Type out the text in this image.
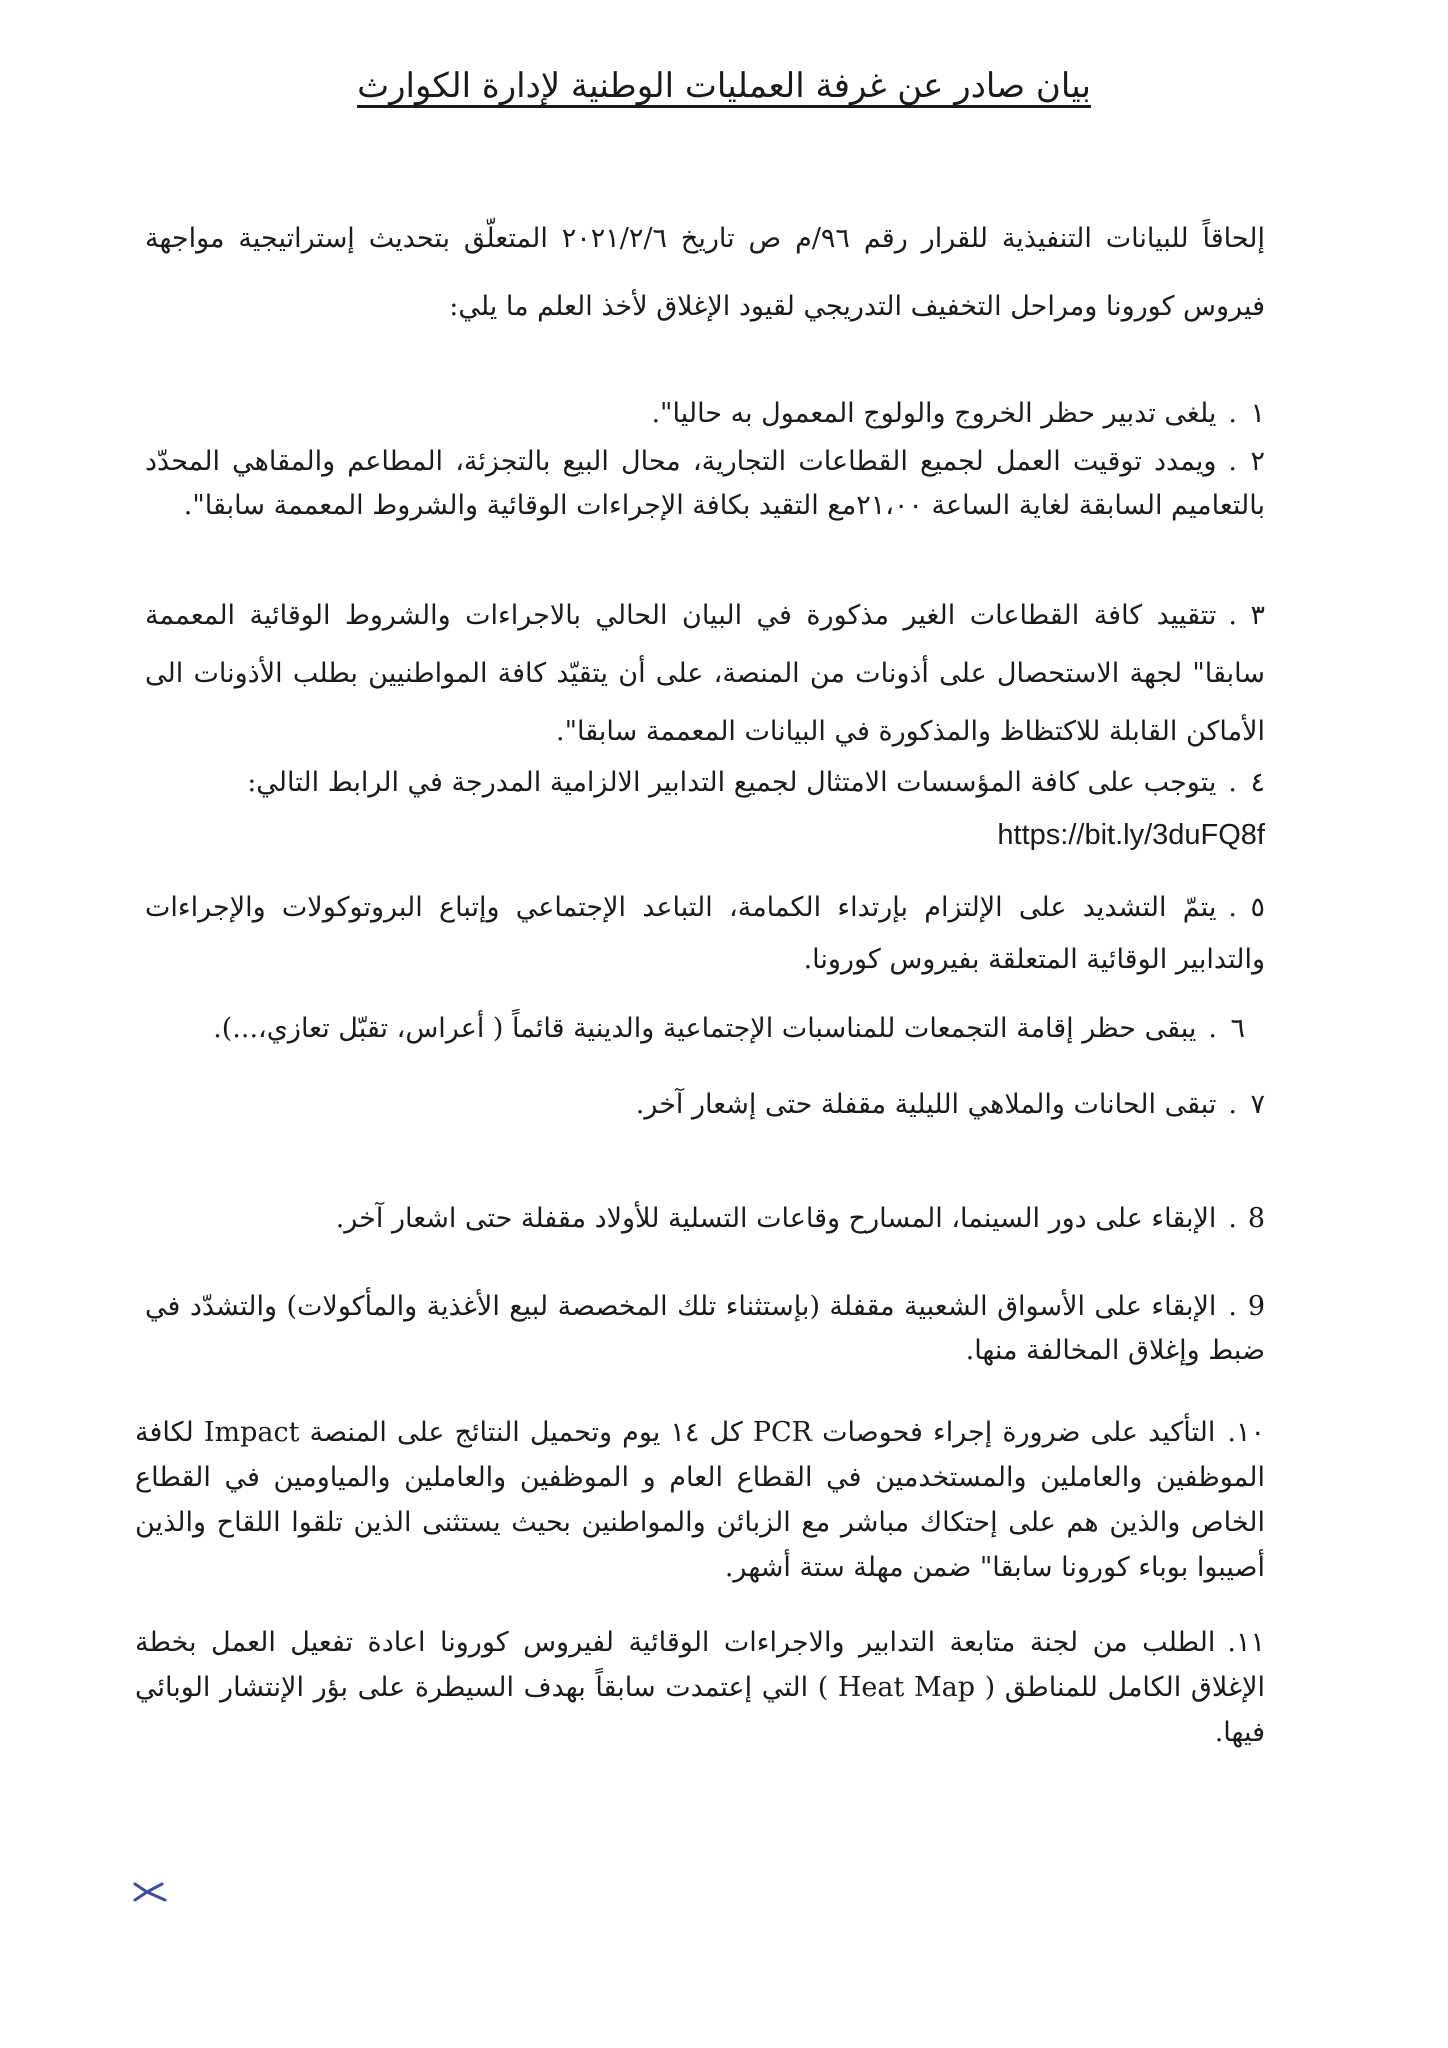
بيان صادر عن غرفة العمليات الوطنية لإدارة الكوارث
إلحاقاً للبيانات التنفيذية للقرار رقم ٩٦/م ص تاريخ ٢٠٢١/٢/٦ المتعلّق بتحديث إستراتيجية مواجهة فيروس كورونا ومراحل التخفيف التدريجي لقيود الإغلاق لأخذ العلم ما يلي:
١.يلغى تدبير حظر الخروج والولوج المعمول به حاليا".
٢.ويمدد توقيت العمل لجميع القطاعات التجارية، محال البيع بالتجزئة، المطاعم والمقاهي المحدّد بالتعاميم السابقة لغاية الساعة ٢١،٠٠مع التقيد بكافة الإجراءات الوقائية والشروط المعممة سابقا".
٣.تتقييد كافة القطاعات الغير مذكورة في البيان الحالي بالاجراءات والشروط الوقائية المعممة سابقا" لجهة الاستحصال على أذونات من المنصة، على أن يتقيّد كافة المواطنيين بطلب الأذونات الى الأماكن القابلة للاكتظاظ والمذكورة في البيانات المعممة سابقا".
٤.يتوجب على كافة المؤسسات الامتثال لجميع التدابير الالزامية المدرجة في الرابط التالي:
https://bit.ly/3duFQ8f
٥.يتمّ التشديد على الإلتزام بإرتداء الكمامة، التباعد الإجتماعي وإتباع البروتوكولات والإجراءات والتدابير الوقائية المتعلقة بفيروس كورونا.
٦.يبقى حظر إقامة التجمعات للمناسبات الإجتماعية والدينية قائماً ( أعراس، تقبّل تعازي،...).
٧.تبقى الحانات والملاهي الليلية مقفلة حتى إشعار آخر.
8.الإبقاء على دور السينما، المسارح وقاعات التسلية للأولاد مقفلة حتى اشعار آخر.
9.الإبقاء على الأسواق الشعبية مقفلة (بإستثناء تلك المخصصة لبيع الأغذية والمأكولات) والتشدّد في ضبط وإغلاق المخالفة منها.
١٠.التأكيد على ضرورة إجراء فحوصات PCR كل ١٤ يوم وتحميل النتائج على المنصة Impact لكافة الموظفين والعاملين والمستخدمين في القطاع العام و الموظفين والعاملين والمياومين في القطاع الخاص والذين هم على إحتكاك مباشر مع الزبائن والمواطنين بحيث يستثنى الذين تلقوا اللقاح والذين أصيبوا بوباء كورونا سابقا" ضمن مهلة ستة أشهر.
١١.الطلب من لجنة متابعة التدابير والاجراءات الوقائية لفيروس كورونا اعادة تفعيل العمل بخطة الإغلاق الكامل للمناطق ( Heat Map ) التي إعتمدت سابقاً بهدف السيطرة على بؤر الإنتشار الوبائي فيها.
